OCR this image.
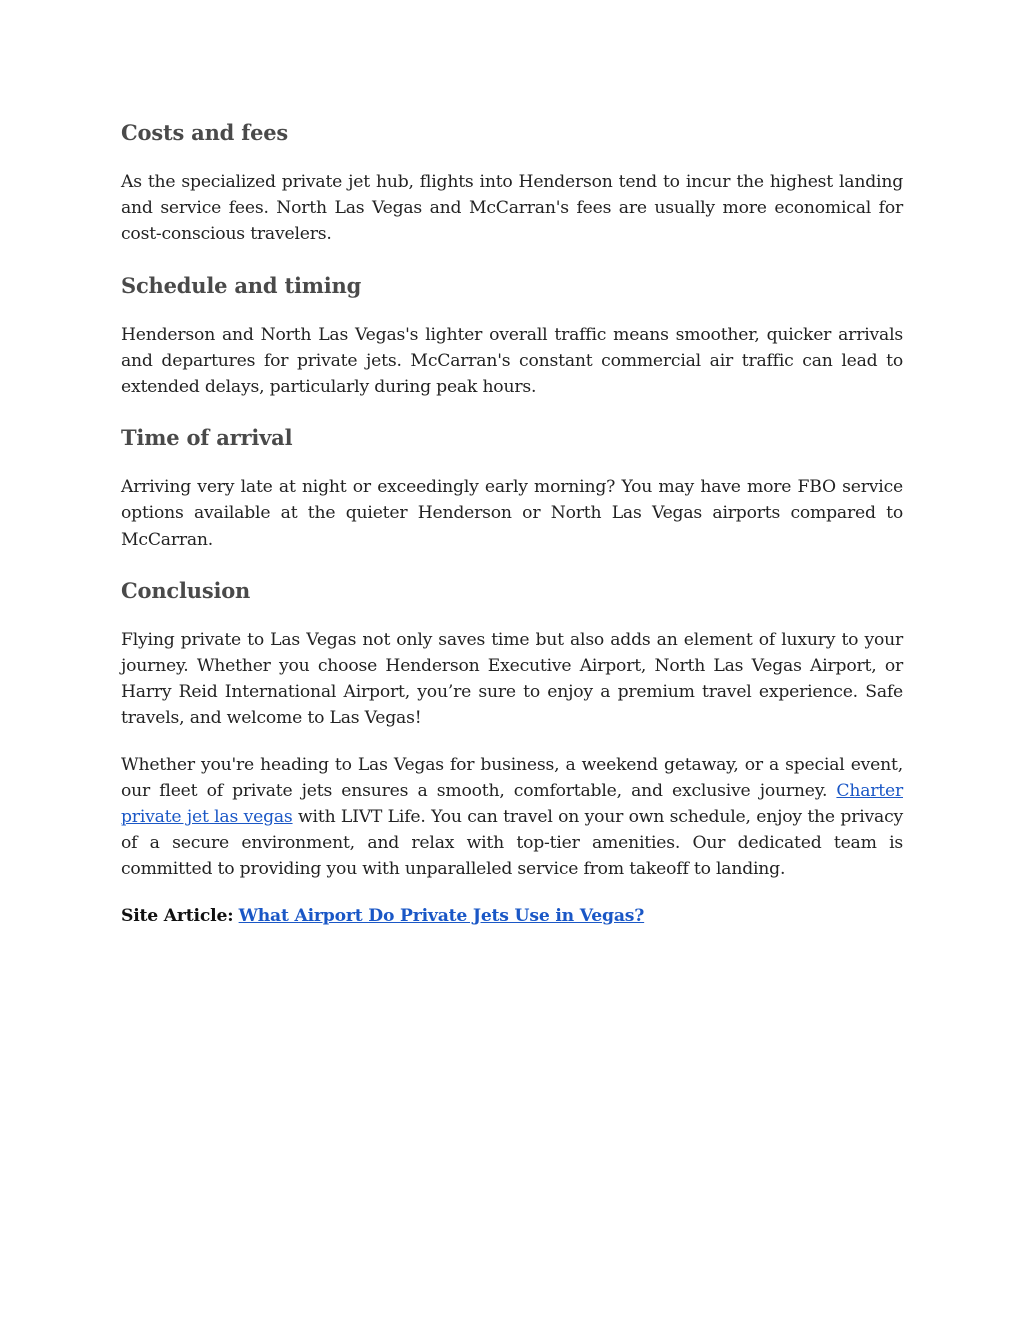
Costs and fees

As the specialized private jet hub, flights into Henderson tend to incur the highest landing and service fees. North Las Vegas and McCarran's fees are usually more economical for cost-conscious travelers.

Schedule and timing

Henderson and North Las Vegas's lighter overall traffic means smoother, quicker arrivals and departures for private jets. McCarran's constant commercial air traffic can lead to extended delays, particularly during peak hours.

Time of arrival

Arriving very late at night or exceedingly early morning? You may have more FBO service options available at the quieter Henderson or North Las Vegas airports compared to McCarran.

Conclusion

Flying private to Las Vegas not only saves time but also adds an element of luxury to your journey. Whether you choose Henderson Executive Airport, North Las Vegas Airport, or Harry Reid International Airport, you’re sure to enjoy a premium travel experience. Safe travels, and welcome to Las Vegas!

Whether you're heading to Las Vegas for business, a weekend getaway, or a special event, our fleet of private jets ensures a smooth, comfortable, and exclusive journey. Charter private jet las vegas with LIVT Life. You can travel on your own schedule, enjoy the privacy of a secure environment, and relax with top-tier amenities. Our dedicated team is committed to providing you with unparalleled service from takeoff to landing.

Site Article: What Airport Do Private Jets Use in Vegas?
